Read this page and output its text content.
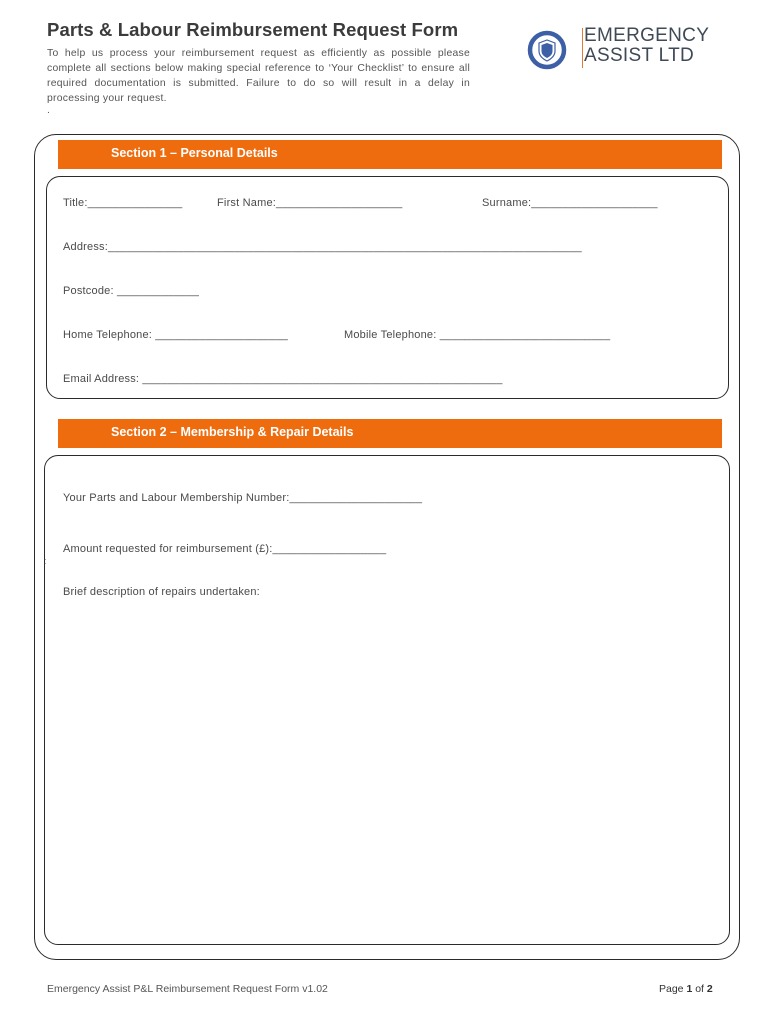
Parts & Labour Reimbursement Request Form
To help us process your reimbursement request as efficiently as possible please complete all sections below making special reference to ‘Your Checklist’ to ensure all required documentation is submitted. Failure to do so will result in a delay in processing your request.
.
EMERGENCY
ASSIST LTD
Section 1 – Personal Details
Title:_______________	First Name:____________________	Surname:____________________
Address:___________________________________________________________________________
Postcode: _____________
Home Telephone: _____________________	Mobile Telephone: ___________________________
Email Address: _________________________________________________________
Section 2 – Membership & Repair Details
Your Parts and Labour Membership Number:_____________________
Amount requested for reimbursement (£):__________________
:
Brief description of repairs undertaken:
Emergency Assist P&L Reimbursement Request Form v1.02	Page 1 of 2
